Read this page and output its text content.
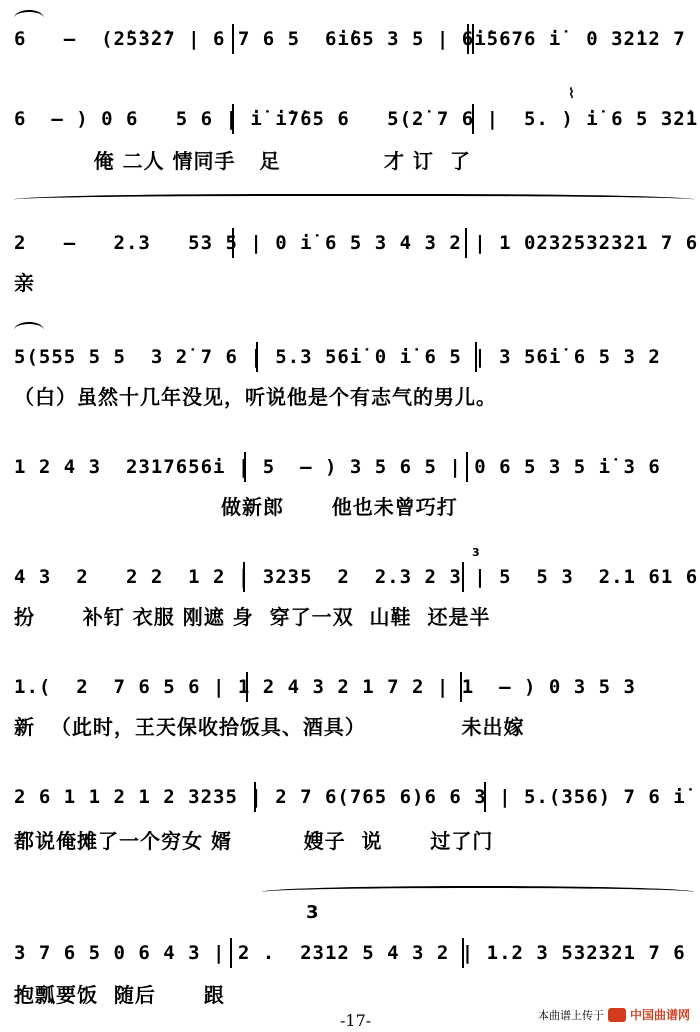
6   —  (2̇5̇3̇2̇7 | 6 7 6 5  6i̇65 3 5 | 6i̇5676 i̇  0 32̇12 7
6  — ) 0 6   5 6 | i̇ i̇7̇65 6   5(2̇ 7 6 |  5. ) i̇ 6 5 32̇1
俺 二人 情同手   足             才 订  了
⌇
2   —   2.3   53 5 | 0 i̇ 6 5 3 4 3 2 | 1 0232532321 7 6
亲
5(555 5 5  3 2̇ 7 6 | 5.3 56i̇ 0 i̇ 6 5 | 3 56i̇ 6 5 3 2
（白）虽然十几年没见，听说他是个有志气的男儿。
1 2 4 3  2317656i | 5  — ) 3 5 6 5 | 0 6 5 3 5 i̇ 3 6
做新郎      他也未曾巧打
4 3  2   2 2  1 2 | 3235  2  2.3 2 3 | 5  5 3  2.1 61 6
扮      补钉 衣服 刚遮 身  穿了一双  山鞋  还是半
3
1.(  2  7 6 5 6 | 1 2 4 3 2 1 7 2 | 1  — ) 0 3 5 3
新  （此时，王天保收拾饭具、酒具）            未出嫁
2 6 1 1 2 1 2 3235 | 2 7 6(765 6)6 6 3 | 5.(356) 7 6 i̇
都说俺摊了一个穷女 婿         嫂子  说      过了门
3
3 7 6 5 0 6 4 3 | 2 .  2312 5 4 3 2 | 1.2 3 532321 7 6
抱瓢要饭  随后      跟
-17-	本曲谱上传于 中国曲谱网
